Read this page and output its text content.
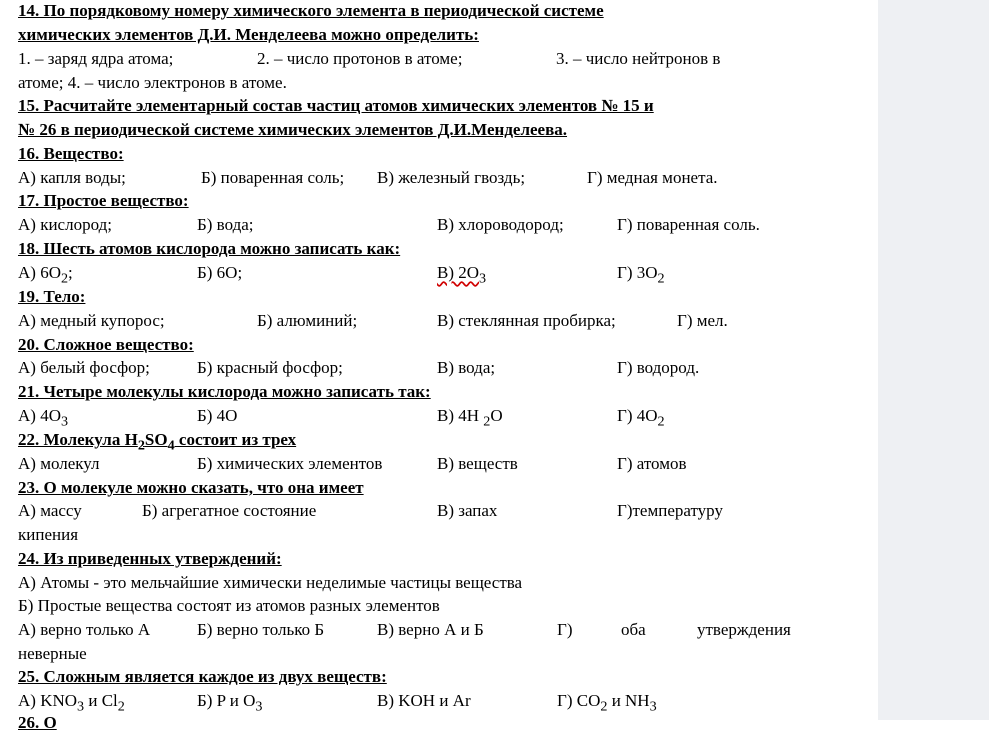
14. По порядковому номеру химического элемента в периодической системе
химических элементов Д.И. Менделеева можно определить:
1. – заряд ядра атома;	2. – число протонов в атоме;	3. – число нейтронов в
атоме; 4. – число электронов в атоме.
15. Расчитайте элементарный состав частиц атомов химических элементов № 15 и
№ 26 в периодической системе химических элементов Д.И.Менделеева.
16. Вещество:
А) капля воды;	Б) поваренная соль; В) железный гвоздь;	Г) медная монета.
17. Простое вещество:
А) кислород;	Б) вода;	В) хлороводород;	Г) поваренная соль.
18. Шесть атомов кислорода можно записать как:
А) $6O_2$;	Б) 6O;	В) $2O_3$	Г) $3O_2$
19. Тело:
А) медный купорос;	Б) алюминий;	В) стеклянная пробирка;	Г) мел.
20. Сложное вещество:
А) белый фосфор;	Б) красный фосфор;	В) вода;	Г) водород.
21. Четыре молекулы кислорода можно записать так:
А) $4O_3$	Б) 4O	В) 4H $_2$O	Г) $4O_2$
22. Молекула $H_2SO_4$ состоит из трех
А) молекул	Б) химических элементов	В) веществ	Г) атомов
23. О молекуле можно сказать, что она имеет
А) массу	Б) агрегатное состояние	В) запах	Г)температуру
кипения
24. Из приведенных утверждений:
А) Атомы - это мельчайшие химически неделимые частицы вещества
Б) Простые вещества состоят из атомов разных элементов
А) верно только А	Б) верно только Б	В) верно А и Б	Г)	оба	утверждения
неверные
25. Сложным является каждое из двух веществ:
А) $KNO_3$ и $Cl_2$	Б) P и $O_3$	В) KOH и Ar	Г) $CO_2$ и $NH_3$
26. О
